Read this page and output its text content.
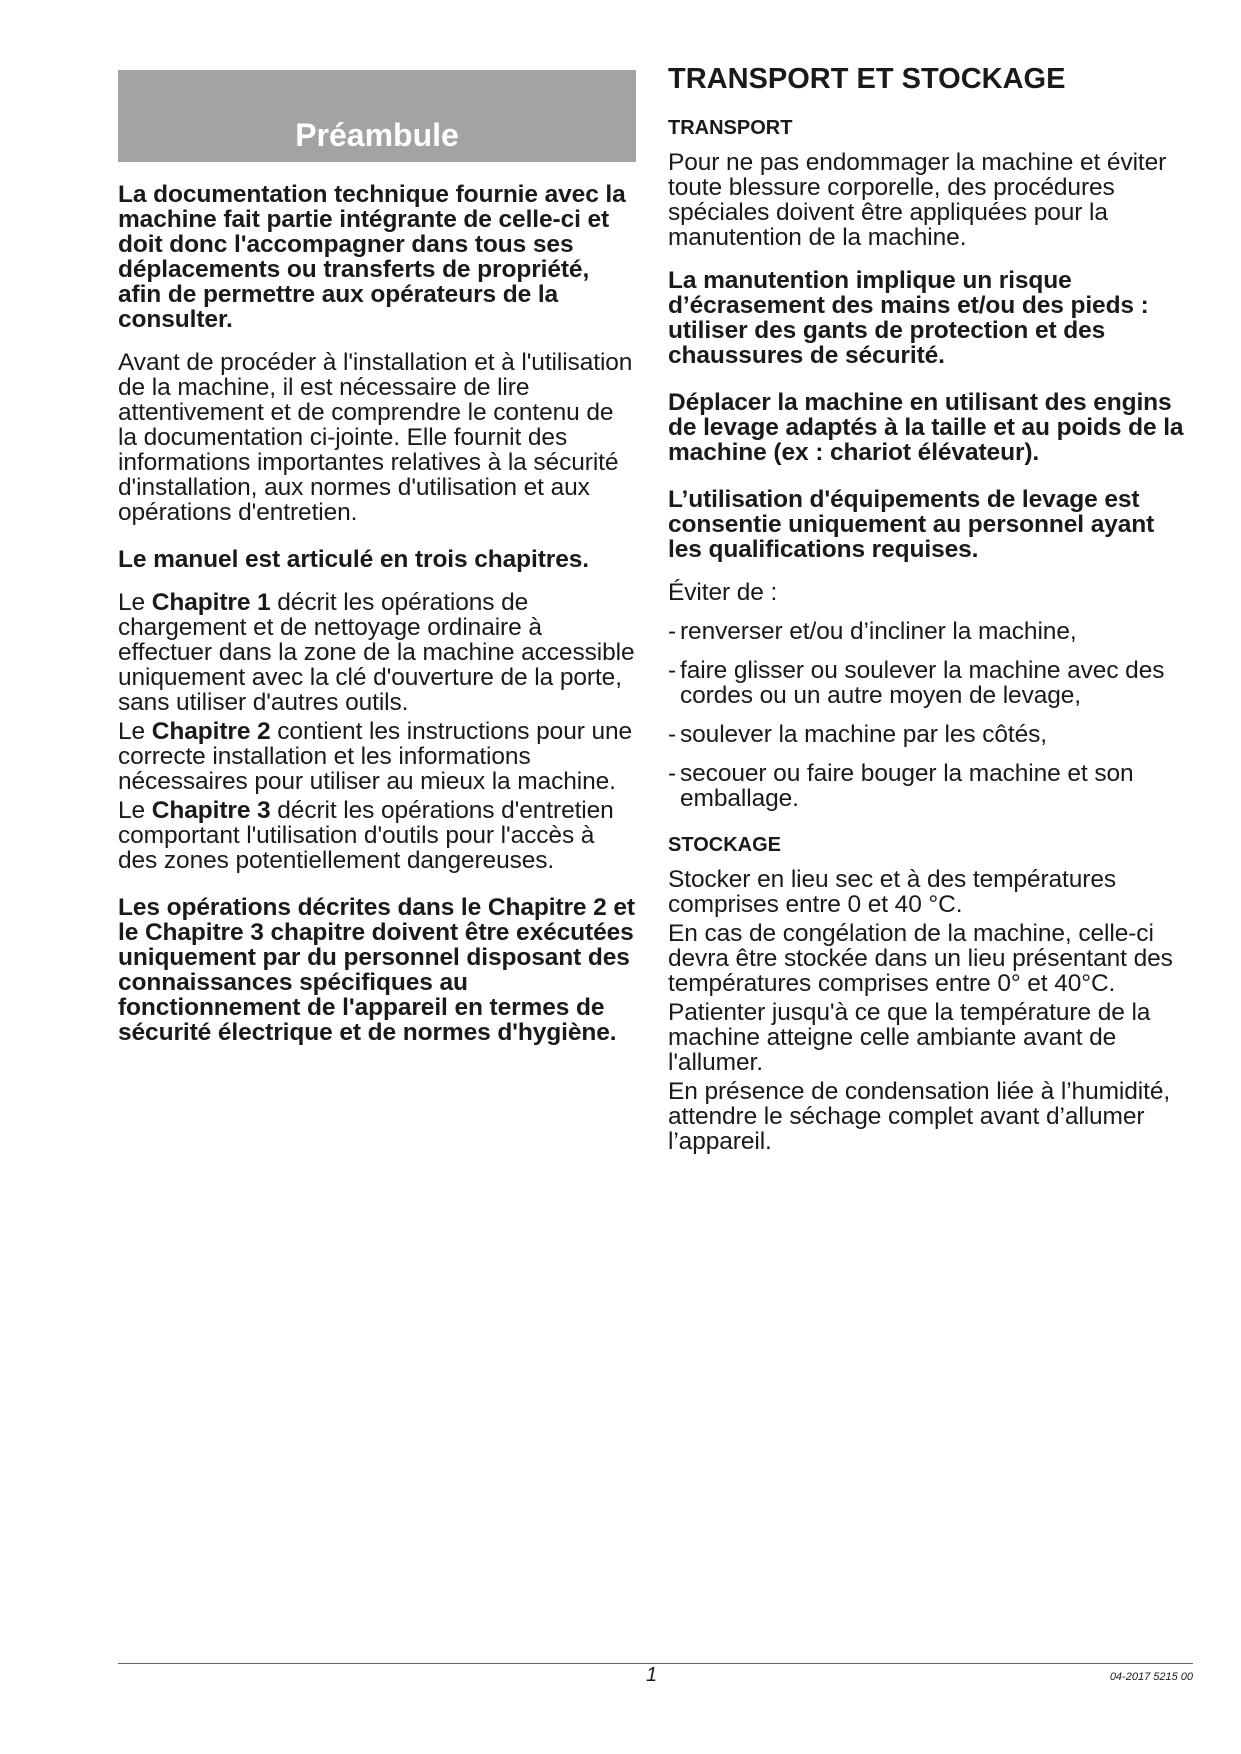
Préambule

La documentation technique fournie avec la machine fait partie intégrante de celle-ci et doit donc l'accompagner dans tous ses déplacements ou transferts de propriété, afin de permettre aux opérateurs de la consulter.

Avant de procéder à l'installation et à l'utilisation de la machine, il est nécessaire de lire attentivement et de comprendre le contenu de la documentation ci-jointe. Elle fournit des informations importantes relatives à la sécurité d'installation, aux normes d'utilisation et aux opérations d'entretien.

Le manuel est articulé en trois chapitres.

Le Chapitre 1 décrit les opérations de chargement et de nettoyage ordinaire à effectuer dans la zone de la machine accessible uniquement avec la clé d'ouverture de la porte, sans utiliser d'autres outils.

Le Chapitre 2 contient les instructions pour une correcte installation et les informations nécessaires pour utiliser au mieux la machine.

Le Chapitre 3 décrit les opérations d'entretien comportant l'utilisation d'outils pour l'accès à des zones potentiellement dangereuses.

Les opérations décrites dans le Chapitre 2 et le Chapitre 3 chapitre doivent être exécutées uniquement par du personnel disposant des connaissances spécifiques au fonctionnement de l'appareil en termes de sécurité électrique et de normes d'hygiène.

TRANSPORT ET STOCKAGE
TRANSPORT

Pour ne pas endommager la machine et éviter toute blessure corporelle, des procédures spéciales doivent être appliquées pour la manutention de la machine.

La manutention implique un risque d’écrasement des mains et/ou des pieds : utiliser des gants de protection et des chaussures de sécurité.

Déplacer la machine en utilisant des engins de levage adaptés à la taille et au poids de la machine (ex : chariot élévateur).

L’utilisation d'équipements de levage est consentie uniquement au personnel ayant les qualifications requises.

Éviter de :

- renverser et/ou d’incliner la machine,
- faire glisser ou soulever la machine avec des cordes ou un autre moyen de levage,
- soulever la machine par les côtés,
- secouer ou faire bouger la machine et son emballage.
STOCKAGE

Stocker en lieu sec et à des températures comprises entre 0 et 40 °C.

En cas de congélation de la machine, celle-ci devra être stockée dans un lieu présentant des températures comprises entre 0° et 40°C.

Patienter jusqu'à ce que la température de la machine atteigne celle ambiante avant de l'allumer.

En présence de condensation liée à l’humidité, attendre le séchage complet avant d’allumer l’appareil.

1	04-2017 5215 00
